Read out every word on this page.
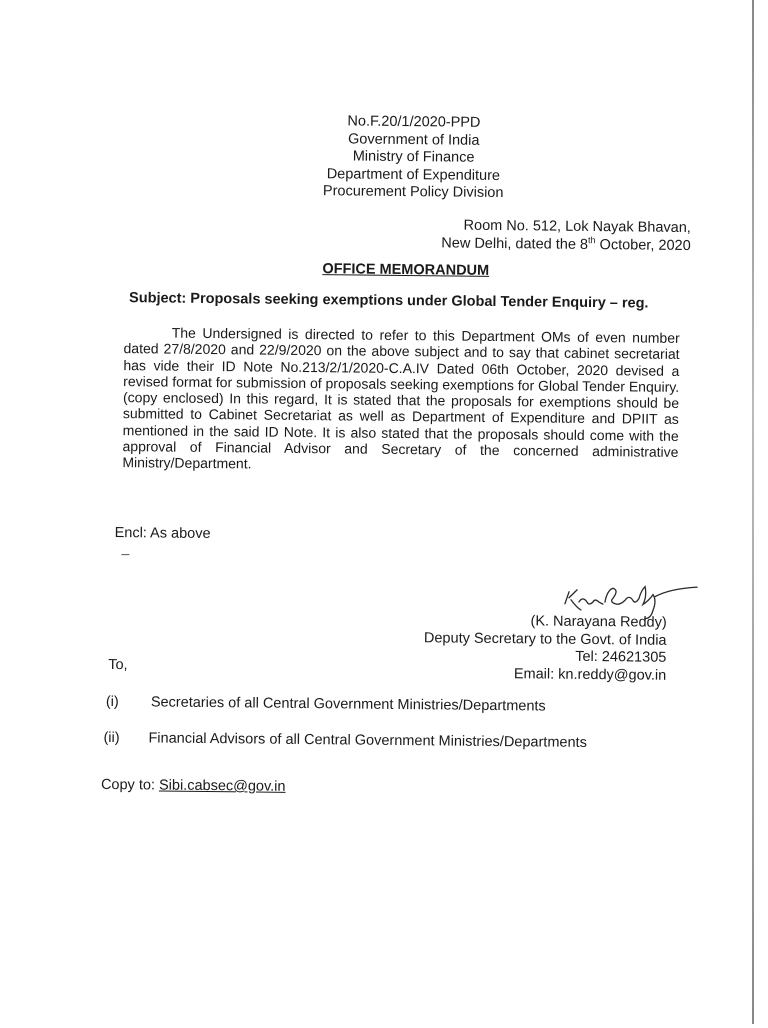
No.F.20/1/2020-PPD
Government of India
Ministry of Finance
Department of Expenditure
Procurement Policy Division
Room No. 512, Lok Nayak Bhavan,
New Delhi, dated the 8th October, 2020
OFFICE MEMORANDUM
Subject: Proposals seeking exemptions under Global Tender Enquiry – reg.
The Undersigned is directed to refer to this Department OMs of even number dated 27/8/2020 and 22/9/2020 on the above subject and to say that cabinet secretariat has vide their ID Note No.213/2/1/2020-C.A.IV Dated 06th October, 2020 devised a revised format for submission of proposals seeking exemptions for Global Tender Enquiry. (copy enclosed) In this regard, It is stated that the proposals for exemptions should be submitted to Cabinet Secretariat as well as Department of Expenditure and DPIIT as mentioned in the said ID Note. It is also stated that the proposals should come with the approval of Financial Advisor and Secretary of the concerned administrative Ministry/Department.
Encl: As above
(K. Narayana Reddy)
Deputy Secretary to the Govt. of India
Tel: 24621305
Email: kn.reddy@gov.in
To,
(i) Secretaries of all Central Government Ministries/Departments
(ii) Financial Advisors of all Central Government Ministries/Departments
Copy to: Sibi.cabsec@gov.in
